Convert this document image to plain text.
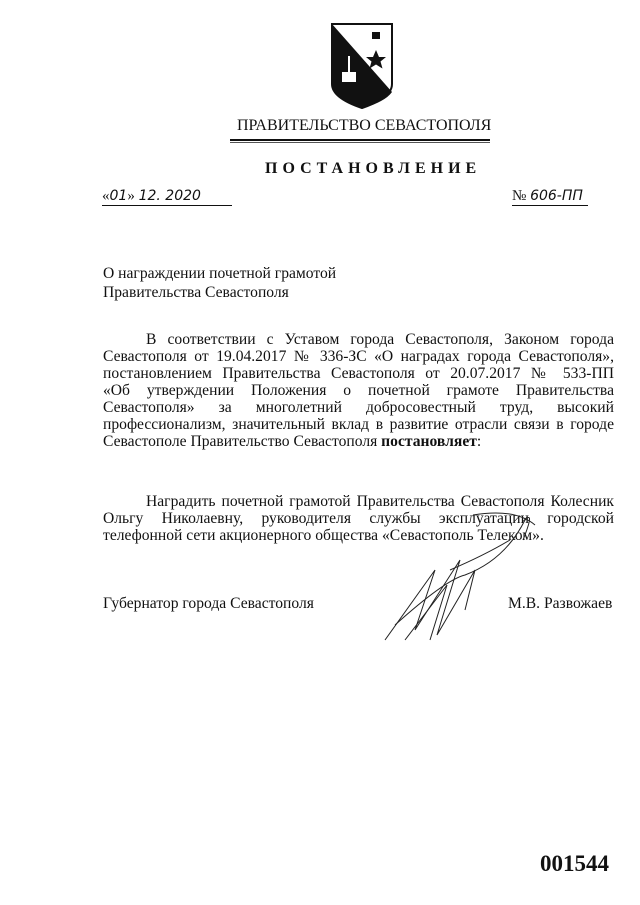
ПРАВИТЕЛЬСТВО СЕВАСТОПОЛЯ
ПОСТАНОВЛЕНИЕ
«01» 12. 2020	№ 606-ПП
О награждении почетной грамотой
Правительства Севастополя
В соответствии с Уставом города Севастополя, Законом города
Севастополя от 19.04.2017 № 336-ЗС «О наградах города Севастополя»,
постановлением Правительства Севастополя от 20.07.2017 № 533-ПП
«Об утверждении Положения о почетной грамоте Правительства
Севастополя» за многолетний добросовестный труд, высокий
профессионализм, значительный вклад в развитие отрасли связи в городе
Севастополе Правительство Севастополя постановляет:
Наградить почетной грамотой Правительства Севастополя Колесник
Ольгу Николаевну, руководителя службы эксплуатации городской
телефонной сети акционерного общества «Севастополь Телеком».
Губернатор города Севастополя	М.В. Развожаев
001544
